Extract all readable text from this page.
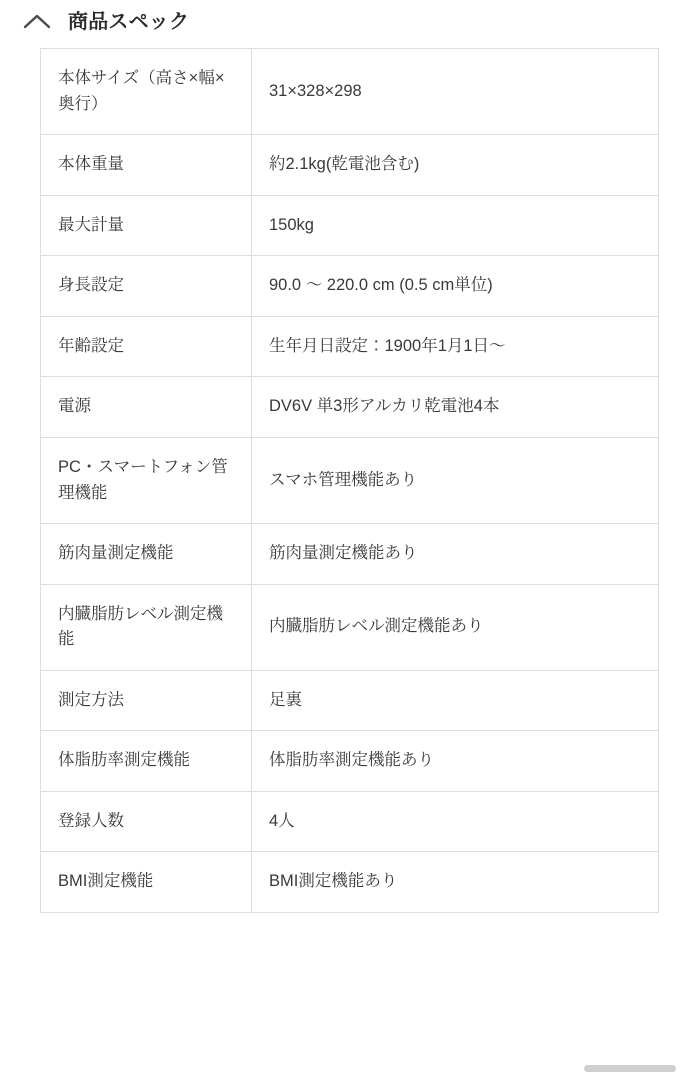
商品スペック
本体サイズ（高さ×幅×奥行）	31×328×298
本体重量	約2.1kg(乾電池含む)
最大計量	150kg
身長設定	90.0 〜 220.0 cm (0.5 cm単位)
年齢設定	生年月日設定：1900年1月1日〜
電源	DV6V 単3形アルカリ乾電池4本
PC・スマートフォン管理機能	スマホ管理機能あり
筋肉量測定機能	筋肉量測定機能あり
内臓脂肪レベル測定機能	内臓脂肪レベル測定機能あり
測定方法	足裏
体脂肪率測定機能	体脂肪率測定機能あり
登録人数	4人
BMI測定機能	BMI測定機能あり
